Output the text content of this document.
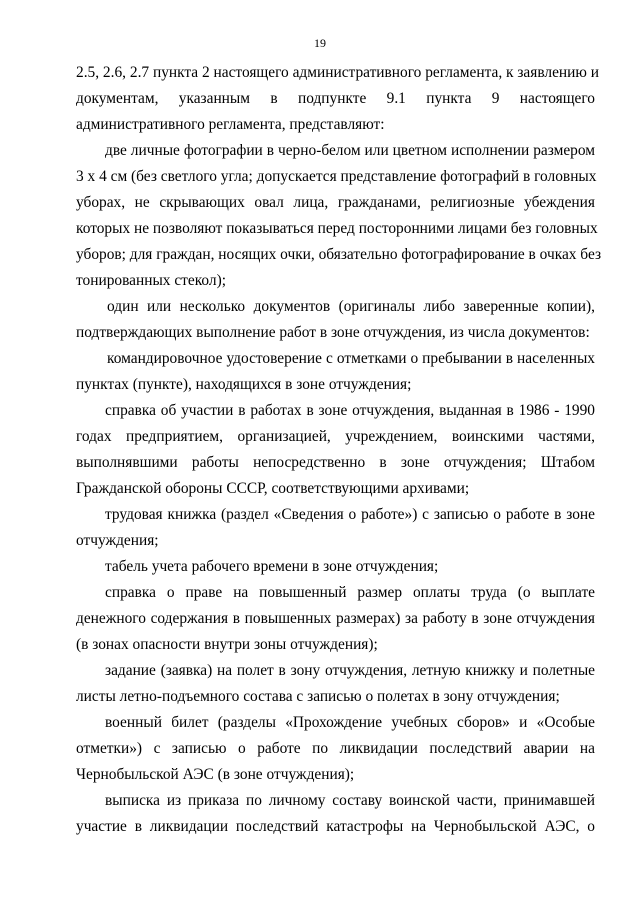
19

2.5, 2.6, 2.7 пункта 2 настоящего административного регламента, к заявлению и
документам, указанным в подпункте 9.1 пункта 9 настоящего
административного регламента, представляют:

две личные фотографии в черно-белом или цветном исполнении размером
3 х 4 см (без светлого угла; допускается представление фотографий в головных
уборах, не скрывающих овал лица, гражданами, религиозные убеждения
которых не позволяют показываться перед посторонними лицами без головных
уборов; для граждан, носящих очки, обязательно фотографирование в очках без
тонированных стекол);

один или несколько документов (оригиналы либо заверенные копии),
подтверждающих выполнение работ в зоне отчуждения, из числа документов:

командировочное удостоверение с отметками о пребывании в населенных
пунктах (пункте), находящихся в зоне отчуждения;

справка об участии в работах в зоне отчуждения, выданная в 1986 - 1990
годах предприятием, организацией, учреждением, воинскими частями,
выполнявшими работы непосредственно в зоне отчуждения; Штабом
Гражданской обороны СССР, соответствующими архивами;

трудовая книжка (раздел «Сведения о работе») с записью о работе в зоне
отчуждения;

табель учета рабочего времени в зоне отчуждения;

справка о праве на повышенный размер оплаты труда (о выплате
денежного содержания в повышенных размерах) за работу в зоне отчуждения
(в зонах опасности внутри зоны отчуждения);

задание (заявка) на полет в зону отчуждения, летную книжку и полетные
листы летно-подъемного состава с записью о полетах в зону отчуждения;

военный билет (разделы «Прохождение учебных сборов» и «Особые
отметки») с записью о работе по ликвидации последствий аварии на
Чернобыльской АЭС (в зоне отчуждения);

выписка из приказа по личному составу воинской части, принимавшей
участие в ликвидации последствий катастрофы на Чернобыльской АЭС, о
